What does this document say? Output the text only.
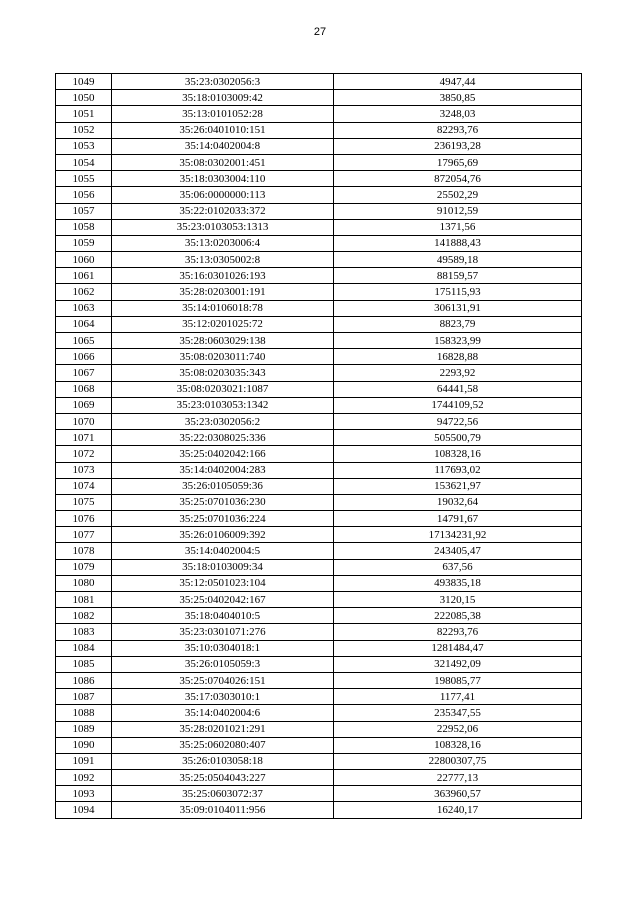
27
1049	35:23:0302056:3	4947,44
1050	35:18:0103009:42	3850,85
1051	35:13:0101052:28	3248,03
1052	35:26:0401010:151	82293,76
1053	35:14:0402004:8	236193,28
1054	35:08:0302001:451	17965,69
1055	35:18:0303004:110	872054,76
1056	35:06:0000000:113	25502,29
1057	35:22:0102033:372	91012,59
1058	35:23:0103053:1313	1371,56
1059	35:13:0203006:4	141888,43
1060	35:13:0305002:8	49589,18
1061	35:16:0301026:193	88159,57
1062	35:28:0203001:191	175115,93
1063	35:14:0106018:78	306131,91
1064	35:12:0201025:72	8823,79
1065	35:28:0603029:138	158323,99
1066	35:08:0203011:740	16828,88
1067	35:08:0203035:343	2293,92
1068	35:08:0203021:1087	64441,58
1069	35:23:0103053:1342	1744109,52
1070	35:23:0302056:2	94722,56
1071	35:22:0308025:336	505500,79
1072	35:25:0402042:166	108328,16
1073	35:14:0402004:283	117693,02
1074	35:26:0105059:36	153621,97
1075	35:25:0701036:230	19032,64
1076	35:25:0701036:224	14791,67
1077	35:26:0106009:392	17134231,92
1078	35:14:0402004:5	243405,47
1079	35:18:0103009:34	637,56
1080	35:12:0501023:104	493835,18
1081	35:25:0402042:167	3120,15
1082	35:18:0404010:5	222085,38
1083	35:23:0301071:276	82293,76
1084	35:10:0304018:1	1281484,47
1085	35:26:0105059:3	321492,09
1086	35:25:0704026:151	198085,77
1087	35:17:0303010:1	1177,41
1088	35:14:0402004:6	235347,55
1089	35:28:0201021:291	22952,06
1090	35:25:0602080:407	108328,16
1091	35:26:0103058:18	22800307,75
1092	35:25:0504043:227	22777,13
1093	35:25:0603072:37	363960,57
1094	35:09:0104011:956	16240,17
